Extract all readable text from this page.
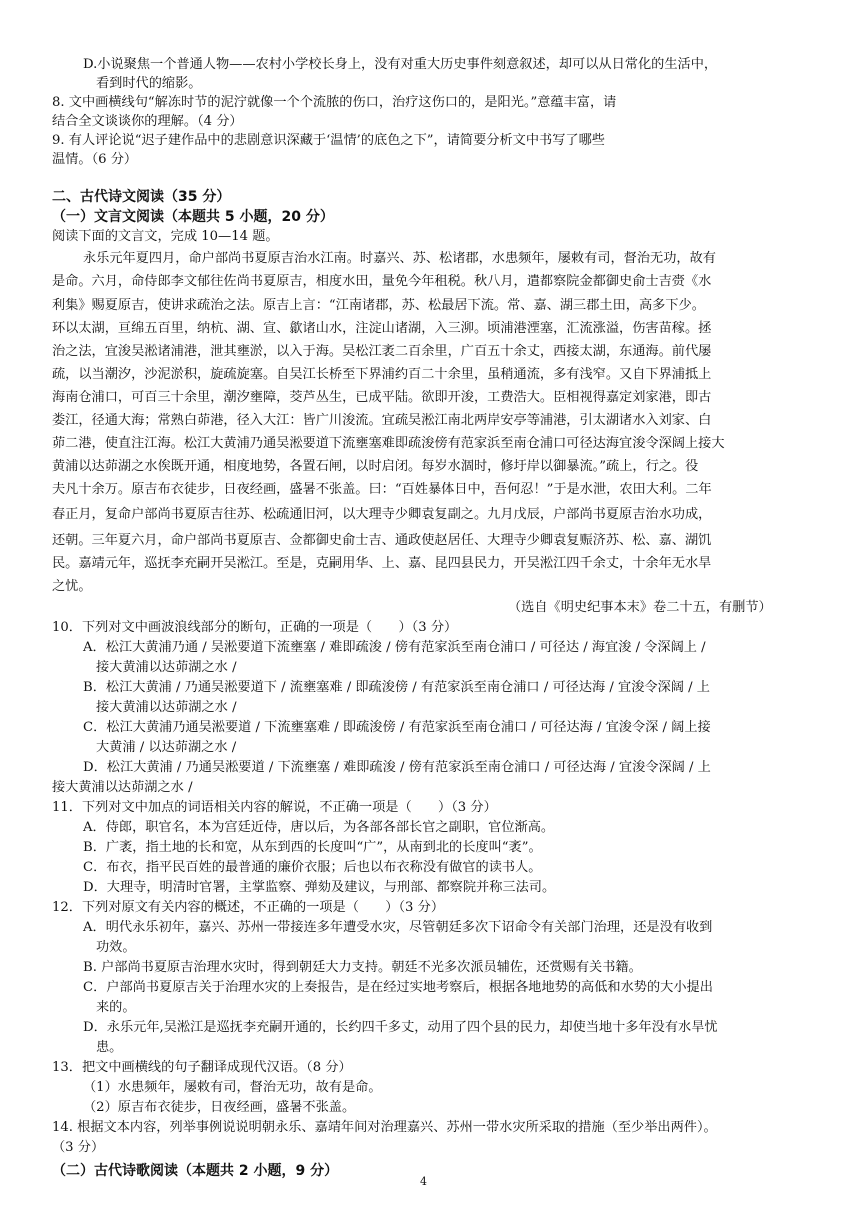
D.小说聚焦一个普通人物——农村小学校长身上，没有对重大历史事件刻意叙述，却可以从日常化的生活中，
看到时代的缩影。
8. 文中画横线句“解冻时节的泥泞就像一个个流脓的伤口，治疗这伤口的，是阳光。”意蕴丰富，请
结合全文谈谈你的理解。（4 分）
9. 有人评论说“迟子建作品中的悲剧意识深藏于‘温情’的底色之下”，请简要分析文中书写了哪些
温情。（6 分）
二、古代诗文阅读（35 分）
（一）文言文阅读（本题共 5 小题，20 分）
阅读下面的文言文，完成 10—14 题。
永乐元年夏四月，命户部尚书夏原吉治水江南。时嘉兴、苏、松诸郡，水患频年，屡敕有司，督治无功，故有
是命。六月，命侍郎李文郁往佐尚书夏原吉，相度水田，量免今年租税。秋八月，遣都察院金都御史俞士吉赍《水
利集》赐夏原吉，使讲求疏治之法。原吉上言：“江南诸郡，苏、松最居下流。常、嘉、湖三郡土田，高多下少。
环以太湖，亘绵五百里，纳杭、湖、宣、歙诸山水，注淀山诸湖，入三泖。顷浦港湮塞，汇流涨溢，伤害苗稼。拯
治之法，宜浚吴淞诸浦港，泄其壅淤，以入于海。吴松江袤二百余里，广百五十余丈，西接太湖，东通海。前代屡
疏，以当潮汐，沙泥淤积，旋疏旋塞。自吴江长桥至下界浦约百二十余里，虽稍通流，多有浅窄。又自下界浦抵上
海南仓浦口，可百三十余里，潮汐壅障，茭芦丛生，已成平陆。欲即开浚，工费浩大。臣相视得嘉定刘家港，即古
娄江，径通大海；常熟白茆港，径入大江：皆广川浚流。宜疏吴淞江南北两岸安亭等浦港，引太湖诸水入刘家、白
茆二港，使直注江海。松江大黄浦乃通吴淞要道下流壅塞难即疏浚傍有范家浜至南仓浦口可径达海宜浚令深阔上接大
黄浦以达茆湖之水俟既开通，相度地势，各置石闸，以时启闭。每岁水涸时，修圩岸以御暴流。”疏上，行之。役
夫凡十余万。原吉布衣徒步，日夜经画，盛暑不张盖。曰：“百姓暴体日中，吾何忍！”于是水泄，农田大利。二年
春正月，复命户部尚书夏原吉往苏、松疏通旧河，以大理寺少卿袁复副之。九月戊辰，户部尚书夏原吉治水功成，
还朝。三年夏六月，命户部尚书夏原吉、佥都御史俞士吉、通政使赵居任、大理寺少卿袁复赈济苏、松、嘉、湖饥
民。嘉靖元年，巡抚李充嗣开吴淞江。至是，克嗣用华、上、嘉、昆四县民力，开吴淞江四千余丈，十余年无水旱
之忧。
（选自《明史纪事本末》卷二十五，有删节）
10．下列对文中画波浪线部分的断句，正确的一项是（　　）（3 分）
A．松江大黄浦乃通 / 吴淞要道下流壅塞 / 难即疏浚 / 傍有范家浜至南仓浦口 / 可径达 / 海宜浚 / 令深阔上 /
接大黄浦以达茆湖之水 /
B．松江大黄浦 / 乃通吴淞要道下 / 流壅塞难 / 即疏浚傍 / 有范家浜至南仓浦口 / 可径达海 / 宜浚令深阔 / 上
接大黄浦以达茆湖之水 /
C．松江大黄浦乃通吴淞要道 / 下流壅塞难 / 即疏浚傍 / 有范家浜至南仓浦口 / 可径达海 / 宜浚令深 / 阔上接
大黄浦 / 以达茆湖之水 /
D．松江大黄浦 / 乃通吴淞要道 / 下流壅塞 / 难即疏浚 / 傍有范家浜至南仓浦口 / 可径达海 / 宜浚令深阔 / 上
接大黄浦以达茆湖之水 /
11．下列对文中加点的词语相关内容的解说，不正确一项是（　　）（3 分）
A．侍郎，职官名，本为宫廷近侍，唐以后，为各部各部长官之副职，官位渐高。
B．广袤，指土地的长和宽，从东到西的长度叫“广”，从南到北的长度叫“袤”。
C．布衣，指平民百姓的最普通的廉价衣服；后也以布衣称没有做官的读书人。
D．大理寺，明清时官署，主掌监察、弹劾及建议，与刑部、都察院并称三法司。
12．下列对原文有关内容的概述，不正确的一项是（　　）（3 分）
A．明代永乐初年，嘉兴、苏州一带接连多年遭受水灾，尽管朝廷多次下诏命令有关部门治理，还是没有收到
功效。
B. 户部尚书夏原吉治理水灾时，得到朝廷大力支持。朝廷不光多次派员辅佐，还赏赐有关书籍。
C．户部尚书夏原吉关于治理水灾的上奏报告，是在经过实地考察后，根据各地地势的高低和水势的大小提出
来的。
D．永乐元年,吴淞江是巡抚李充嗣开通的，长约四千多丈，动用了四个县的民力，却使当地十多年没有水旱忧
患。
13．把文中画横线的句子翻译成现代汉语。（8 分）
（1）水患频年，屡敕有司，督治无功，故有是命。
（2）原吉布衣徒步，日夜经画，盛暑不张盖。
14. 根据文本内容，列举事例说说明朝永乐、嘉靖年间对治理嘉兴、苏州一带水灾所采取的措施（至少举出两件）。
（3 分）
（二）古代诗歌阅读（本题共 2 小题，9 分）
4
